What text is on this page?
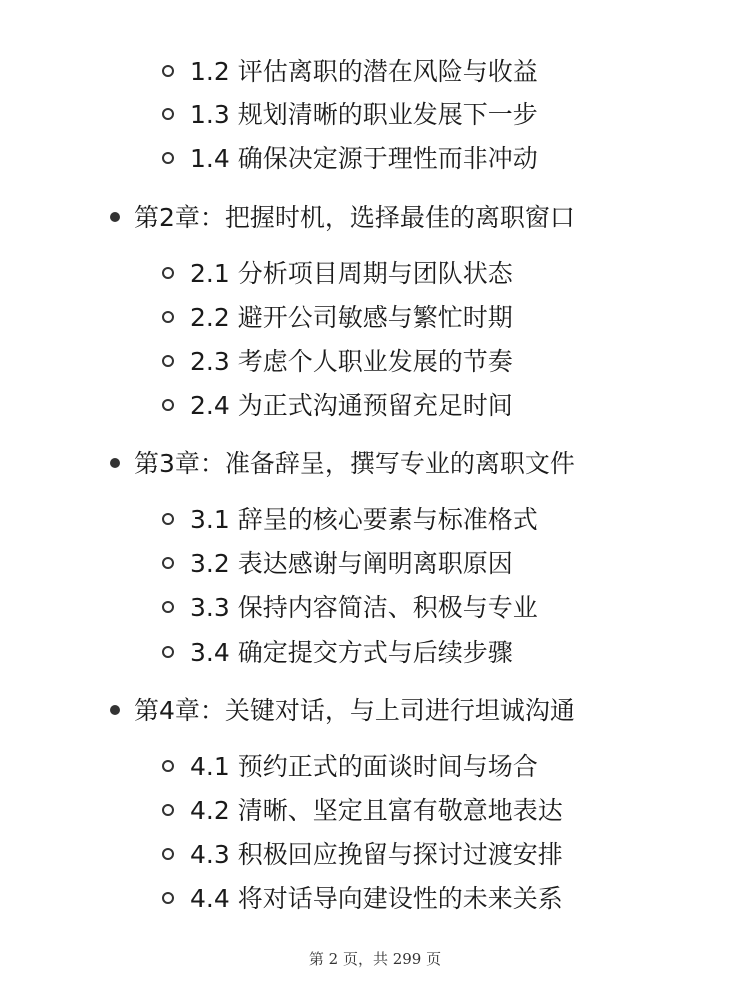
1.2 评估离职的潜在风险与收益
1.3 规划清晰的职业发展下一步
1.4 确保决定源于理性而非冲动
第2章：把握时机，选择最佳的离职窗口
2.1 分析项目周期与团队状态
2.2 避开公司敏感与繁忙时期
2.3 考虑个人职业发展的节奏
2.4 为正式沟通预留充足时间
第3章：准备辞呈，撰写专业的离职文件
3.1 辞呈的核心要素与标准格式
3.2 表达感谢与阐明离职原因
3.3 保持内容简洁、积极与专业
3.4 确定提交方式与后续步骤
第4章：关键对话，与上司进行坦诚沟通
4.1 预约正式的面谈时间与场合
4.2 清晰、坚定且富有敬意地表达
4.3 积极回应挽留与探讨过渡安排
4.4 将对话导向建设性的未来关系
第 2 页，共 299 页
